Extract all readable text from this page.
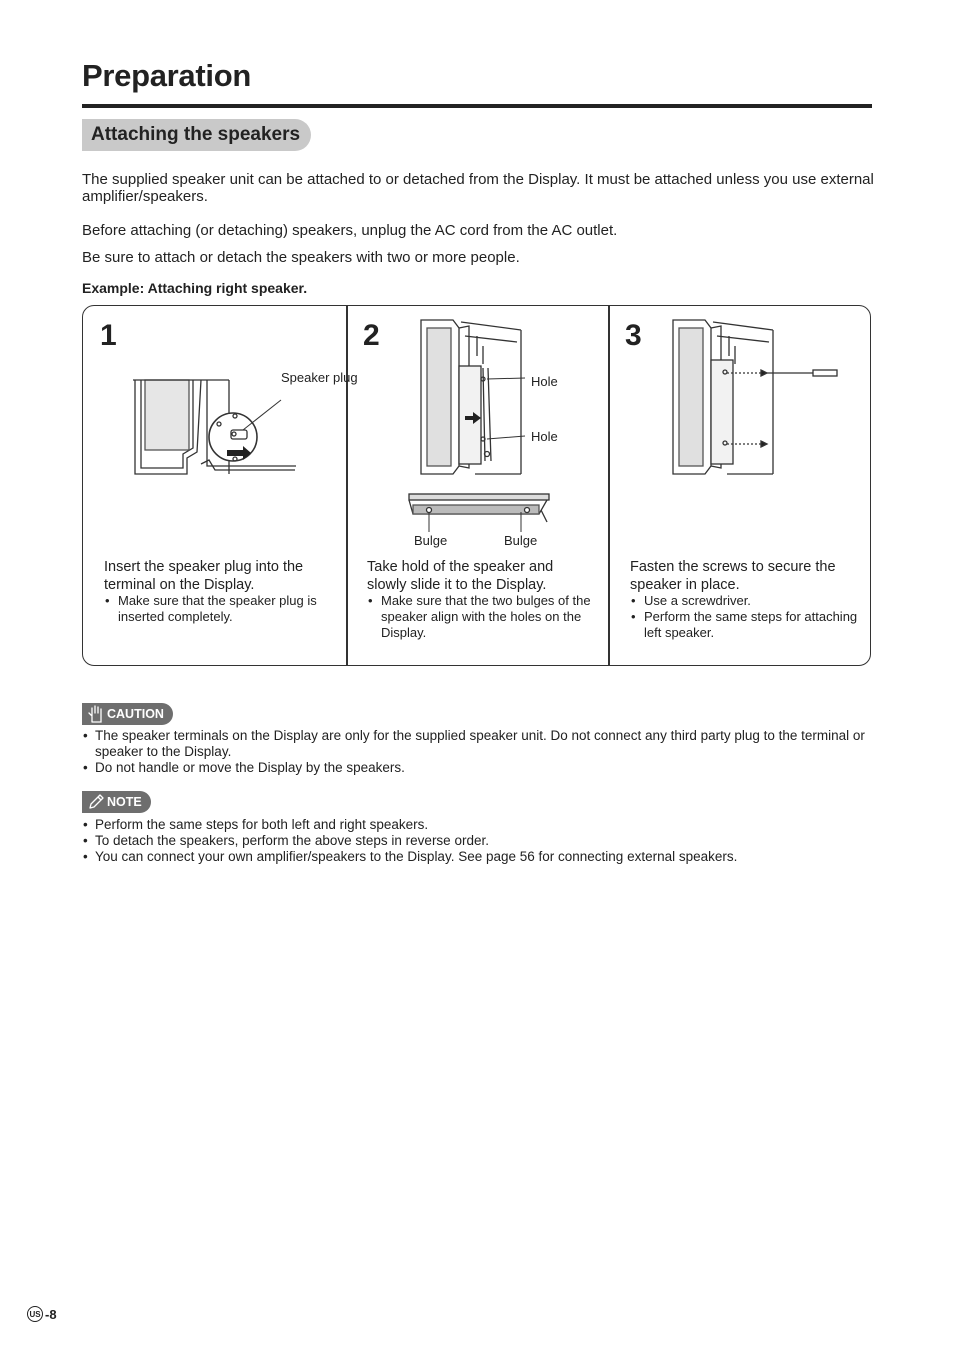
Preparation
Attaching the speakers

The supplied speaker unit can be attached to or detached from the Display. It must be attached unless you use external amplifier/speakers.

Before attaching (or detaching) speakers, unplug the AC cord from the AC outlet.

Be sure to attach or detach the speakers with two or more people.

Example: Attaching right speaker.
1
Speaker plug
Insert the speaker plug into the terminal on the Display.
• Make sure that the speaker plug is inserted completely.
2
Hole
Hole
Bulge	Bulge
Take hold of the speaker and slowly slide it to the Display.
• Make sure that the two bulges of the speaker align with the holes on the Display.
3
Fasten the screws to secure the speaker in place.
• Use a screwdriver.
• Perform the same steps for attaching left speaker.
CAUTION
• The speaker terminals on the Display are only for the supplied speaker unit. Do not connect any third party plug to the terminal or speaker to the Display.
• Do not handle or move the Display by the speakers.
NOTE
• Perform the same steps for both left and right speakers.
• To detach the speakers, perform the above steps in reverse order.
• You can connect your own amplifier/speakers to the Display. See page 56 for connecting external speakers.
US -8
